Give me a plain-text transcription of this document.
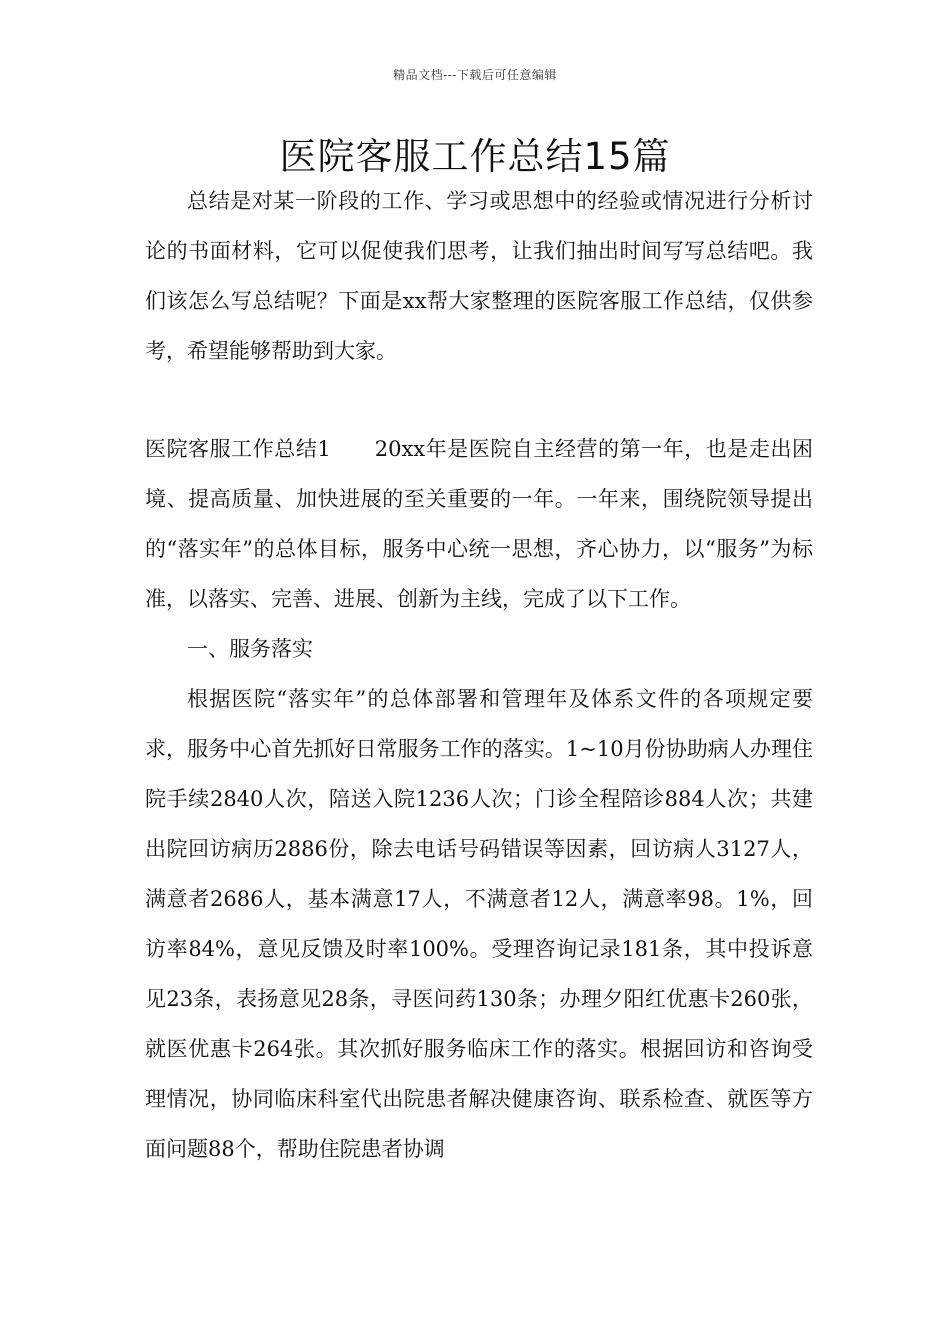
精品文档---下载后可任意编辑
医院客服工作总结15篇

总结是对某一阶段的工作、学习或思想中的经验或情况进行分析讨论的书面材料，它可以促使我们思考，让我们抽出时间写写总结吧。我们该怎么写总结呢？下面是xx帮大家整理的医院客服工作总结，仅供参考，希望能够帮助到大家。

医院客服工作总结1 20xx年是医院自主经营的第一年，也是走出困境、提高质量、加快进展的至关重要的一年。一年来，围绕院领导提出的“落实年”的总体目标，服务中心统一思想，齐心协力，以“服务”为标准，以落实、完善、进展、创新为主线，完成了以下工作。

一、服务落实

根据医院“落实年”的总体部署和管理年及体系文件的各项规定要求，服务中心首先抓好日常服务工作的落实。1~10月份协助病人办理住院手续2840人次，陪送入院1236人次；门诊全程陪诊884人次；共建出院回访病历2886份，除去电话号码错误等因素，回访病人3127人，满意者2686人，基本满意17人，不满意者12人，满意率98。1%，回访率84%，意见反馈及时率100%。受理咨询记录181条，其中投诉意见23条，表扬意见28条，寻医问药130条；办理夕阳红优惠卡260张，就医优惠卡264张。其次抓好服务临床工作的落实。根据回访和咨询受理情况，协同临床科室代出院患者解决健康咨询、联系检查、就医等方面问题88个，帮助住院患者协调
